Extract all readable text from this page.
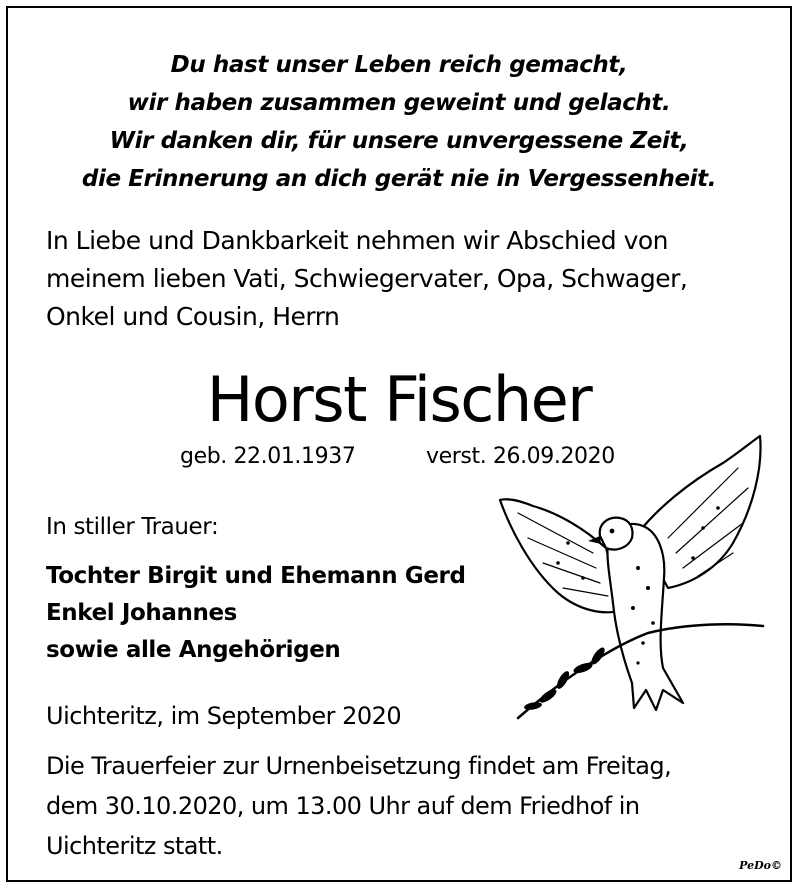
Du hast unser Leben reich gemacht,
wir haben zusammen geweint und gelacht.
Wir danken dir, für unsere unvergessene Zeit,
die Erinnerung an dich gerät nie in Vergessenheit.
In Liebe und Dankbarkeit nehmen wir Abschied von
meinem lieben Vati, Schwiegervater, Opa, Schwager,
Onkel und Cousin, Herrn
Horst Fischer
geb. 22.01.1937	verst. 26.09.2020
In stiller Trauer:
Tochter Birgit und Ehemann Gerd
Enkel Johannes
sowie alle Angehörigen
Uichteritz, im September 2020
Die Trauerfeier zur Urnenbeisetzung findet am Freitag,
dem 30.10.2020, um 13.00 Uhr auf dem Friedhof in
Uichteritz statt.
PeDo©
